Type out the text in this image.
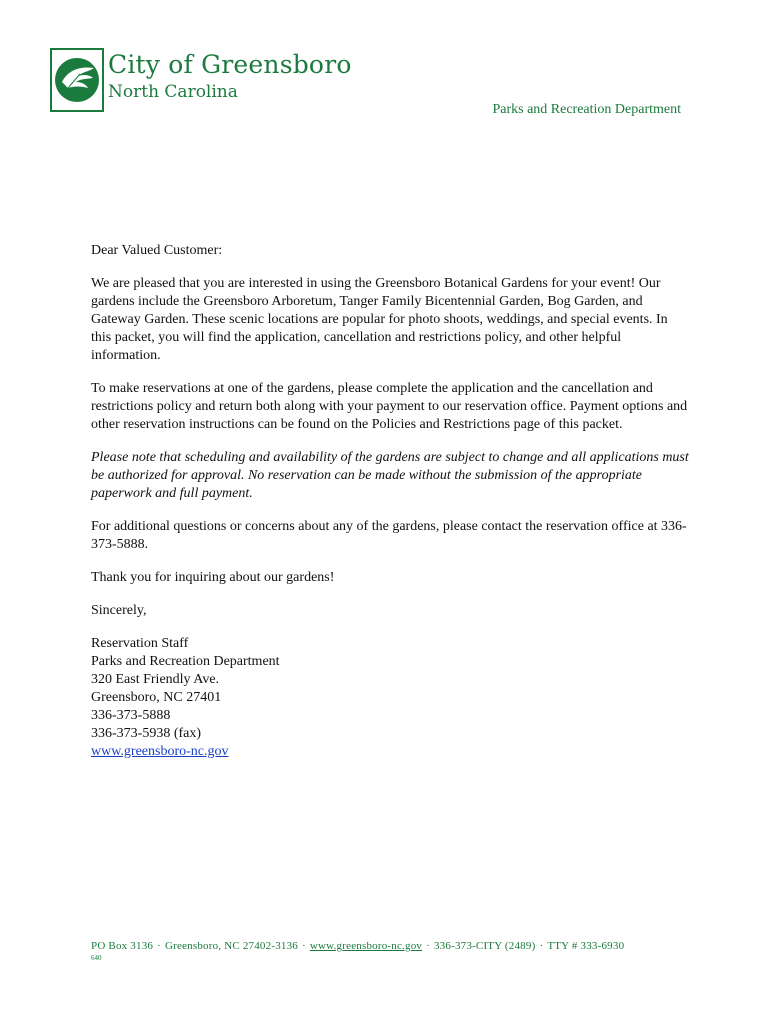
City of Greensboro
North Carolina
Parks and Recreation Department

Dear Valued Customer:

We are pleased that you are interested in using the Greensboro Botanical Gardens for your event! Our gardens include the Greensboro Arboretum, Tanger Family Bicentennial Garden, Bog Garden, and Gateway Garden. These scenic locations are popular for photo shoots, weddings, and special events. In this packet, you will find the application, cancellation and restrictions policy, and other helpful information.

To make reservations at one of the gardens, please complete the application and the cancellation and restrictions policy and return both along with your payment to our reservation office. Payment options and other reservation instructions can be found on the Policies and Restrictions page of this packet.

Please note that scheduling and availability of the gardens are subject to change and all applications must be authorized for approval. No reservation can be made without the submission of the appropriate paperwork and full payment.

For additional questions or concerns about any of the gardens, please contact the reservation office at 336-373-5888.

Thank you for inquiring about our gardens!

Sincerely,

Reservation Staff
Parks and Recreation Department
320 East Friendly Ave.
Greensboro, NC 27401
336-373-5888
336-373-5938 (fax)
www.greensboro-nc.gov
PO Box 3136 · Greensboro, NC 27402-3136 · www.greensboro-nc.gov · 336-373-CITY (2489) · TTY # 333-6930
640
